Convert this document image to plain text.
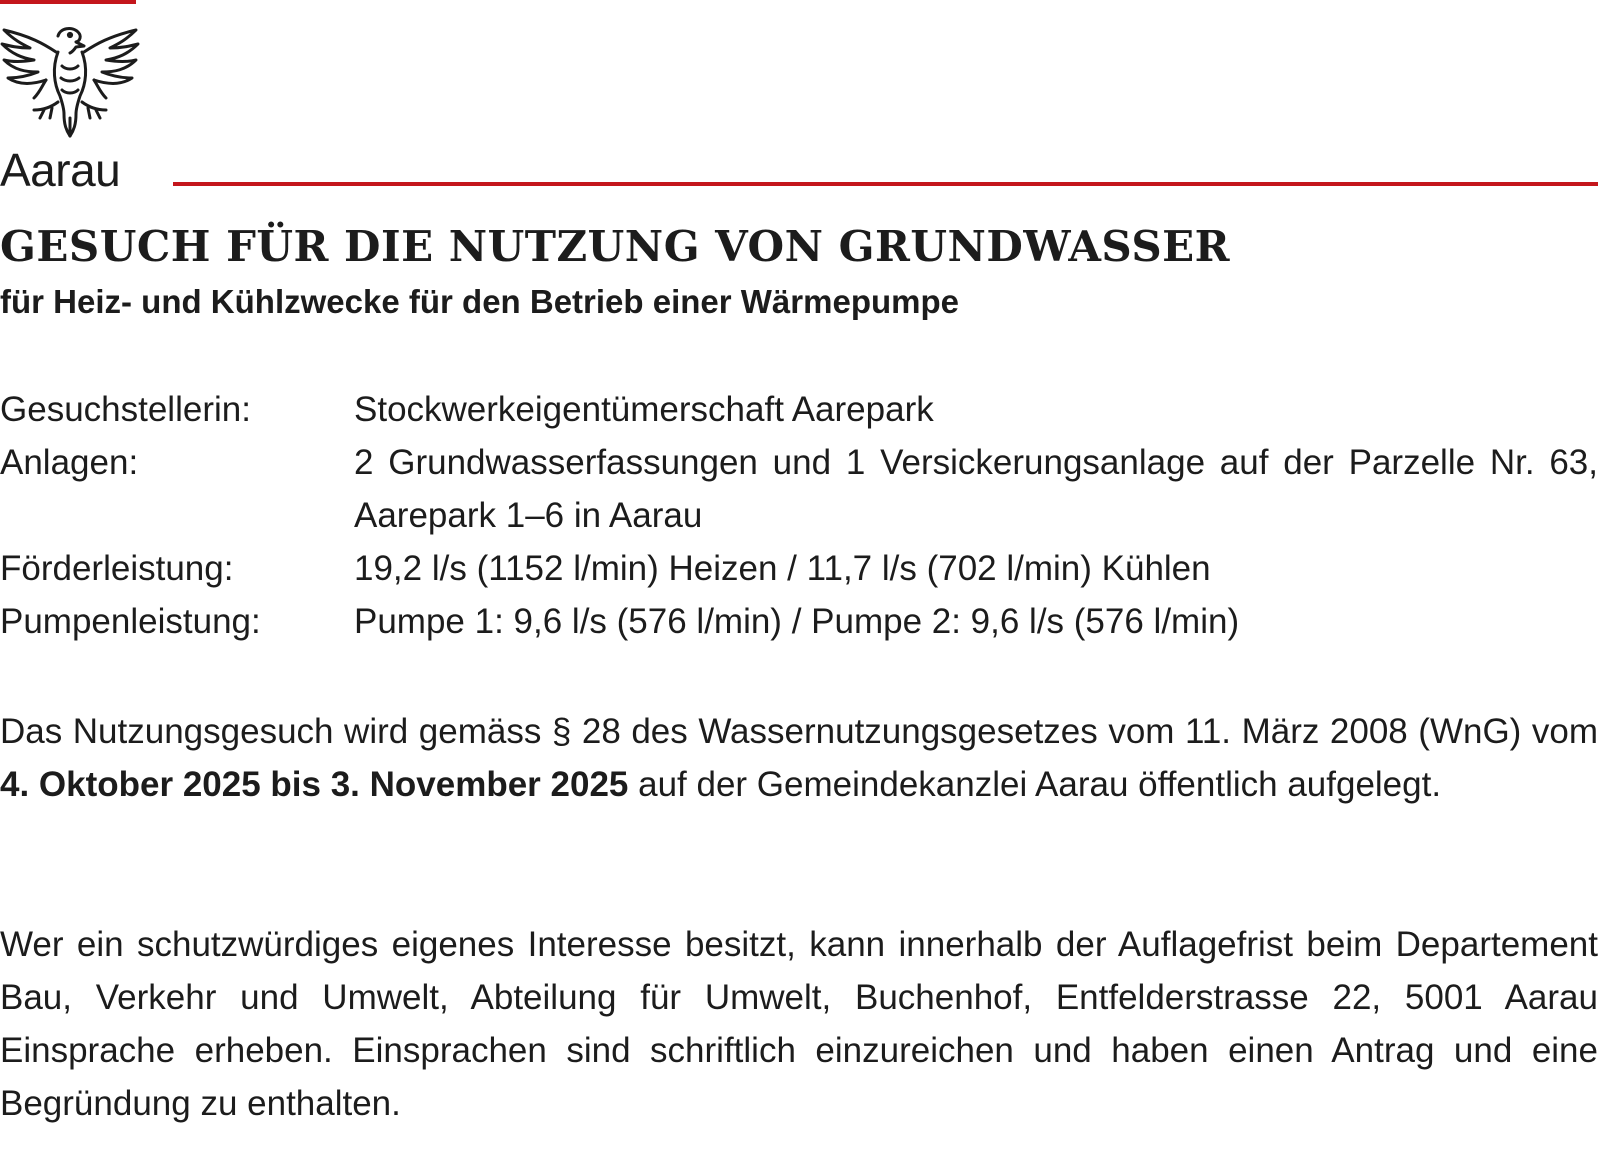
Aarau
GESUCH FÜR DIE NUTZUNG VON GRUNDWASSER
für Heiz- und Kühlzwecke für den Betrieb einer Wärmepumpe
Gesuchstellerin:	Stockwerkeigentümerschaft Aarepark
Anlagen:	2 Grundwasserfassungen und 1 Versickerungsanlage auf der Parzelle Nr. 63, Aarepark 1–6 in Aarau
Förderleistung:	19,2 l/s (1152 l/min) Heizen / 11,7 l/s (702 l/min) Kühlen
Pumpenleistung:	Pumpe 1: 9,6 l/s (576 l/min) / Pumpe 2: 9,6 l/s (576 l/min)
Das Nutzungsgesuch wird gemäss § 28 des Wassernutzungsgesetzes vom 11. März 2008 (WnG) vom 4. Oktober 2025 bis 3. November 2025 auf der Gemeindekanzlei Aarau öffentlich aufgelegt.
Wer ein schutzwürdiges eigenes Interesse besitzt, kann innerhalb der Auflagefrist beim Departement Bau, Verkehr und Umwelt, Abteilung für Umwelt, Buchenhof, Entfelderstrasse 22, 5001 Aarau Einsprache erheben. Einsprachen sind schriftlich einzureichen und haben einen Antrag und eine Begründung zu enthalten.
